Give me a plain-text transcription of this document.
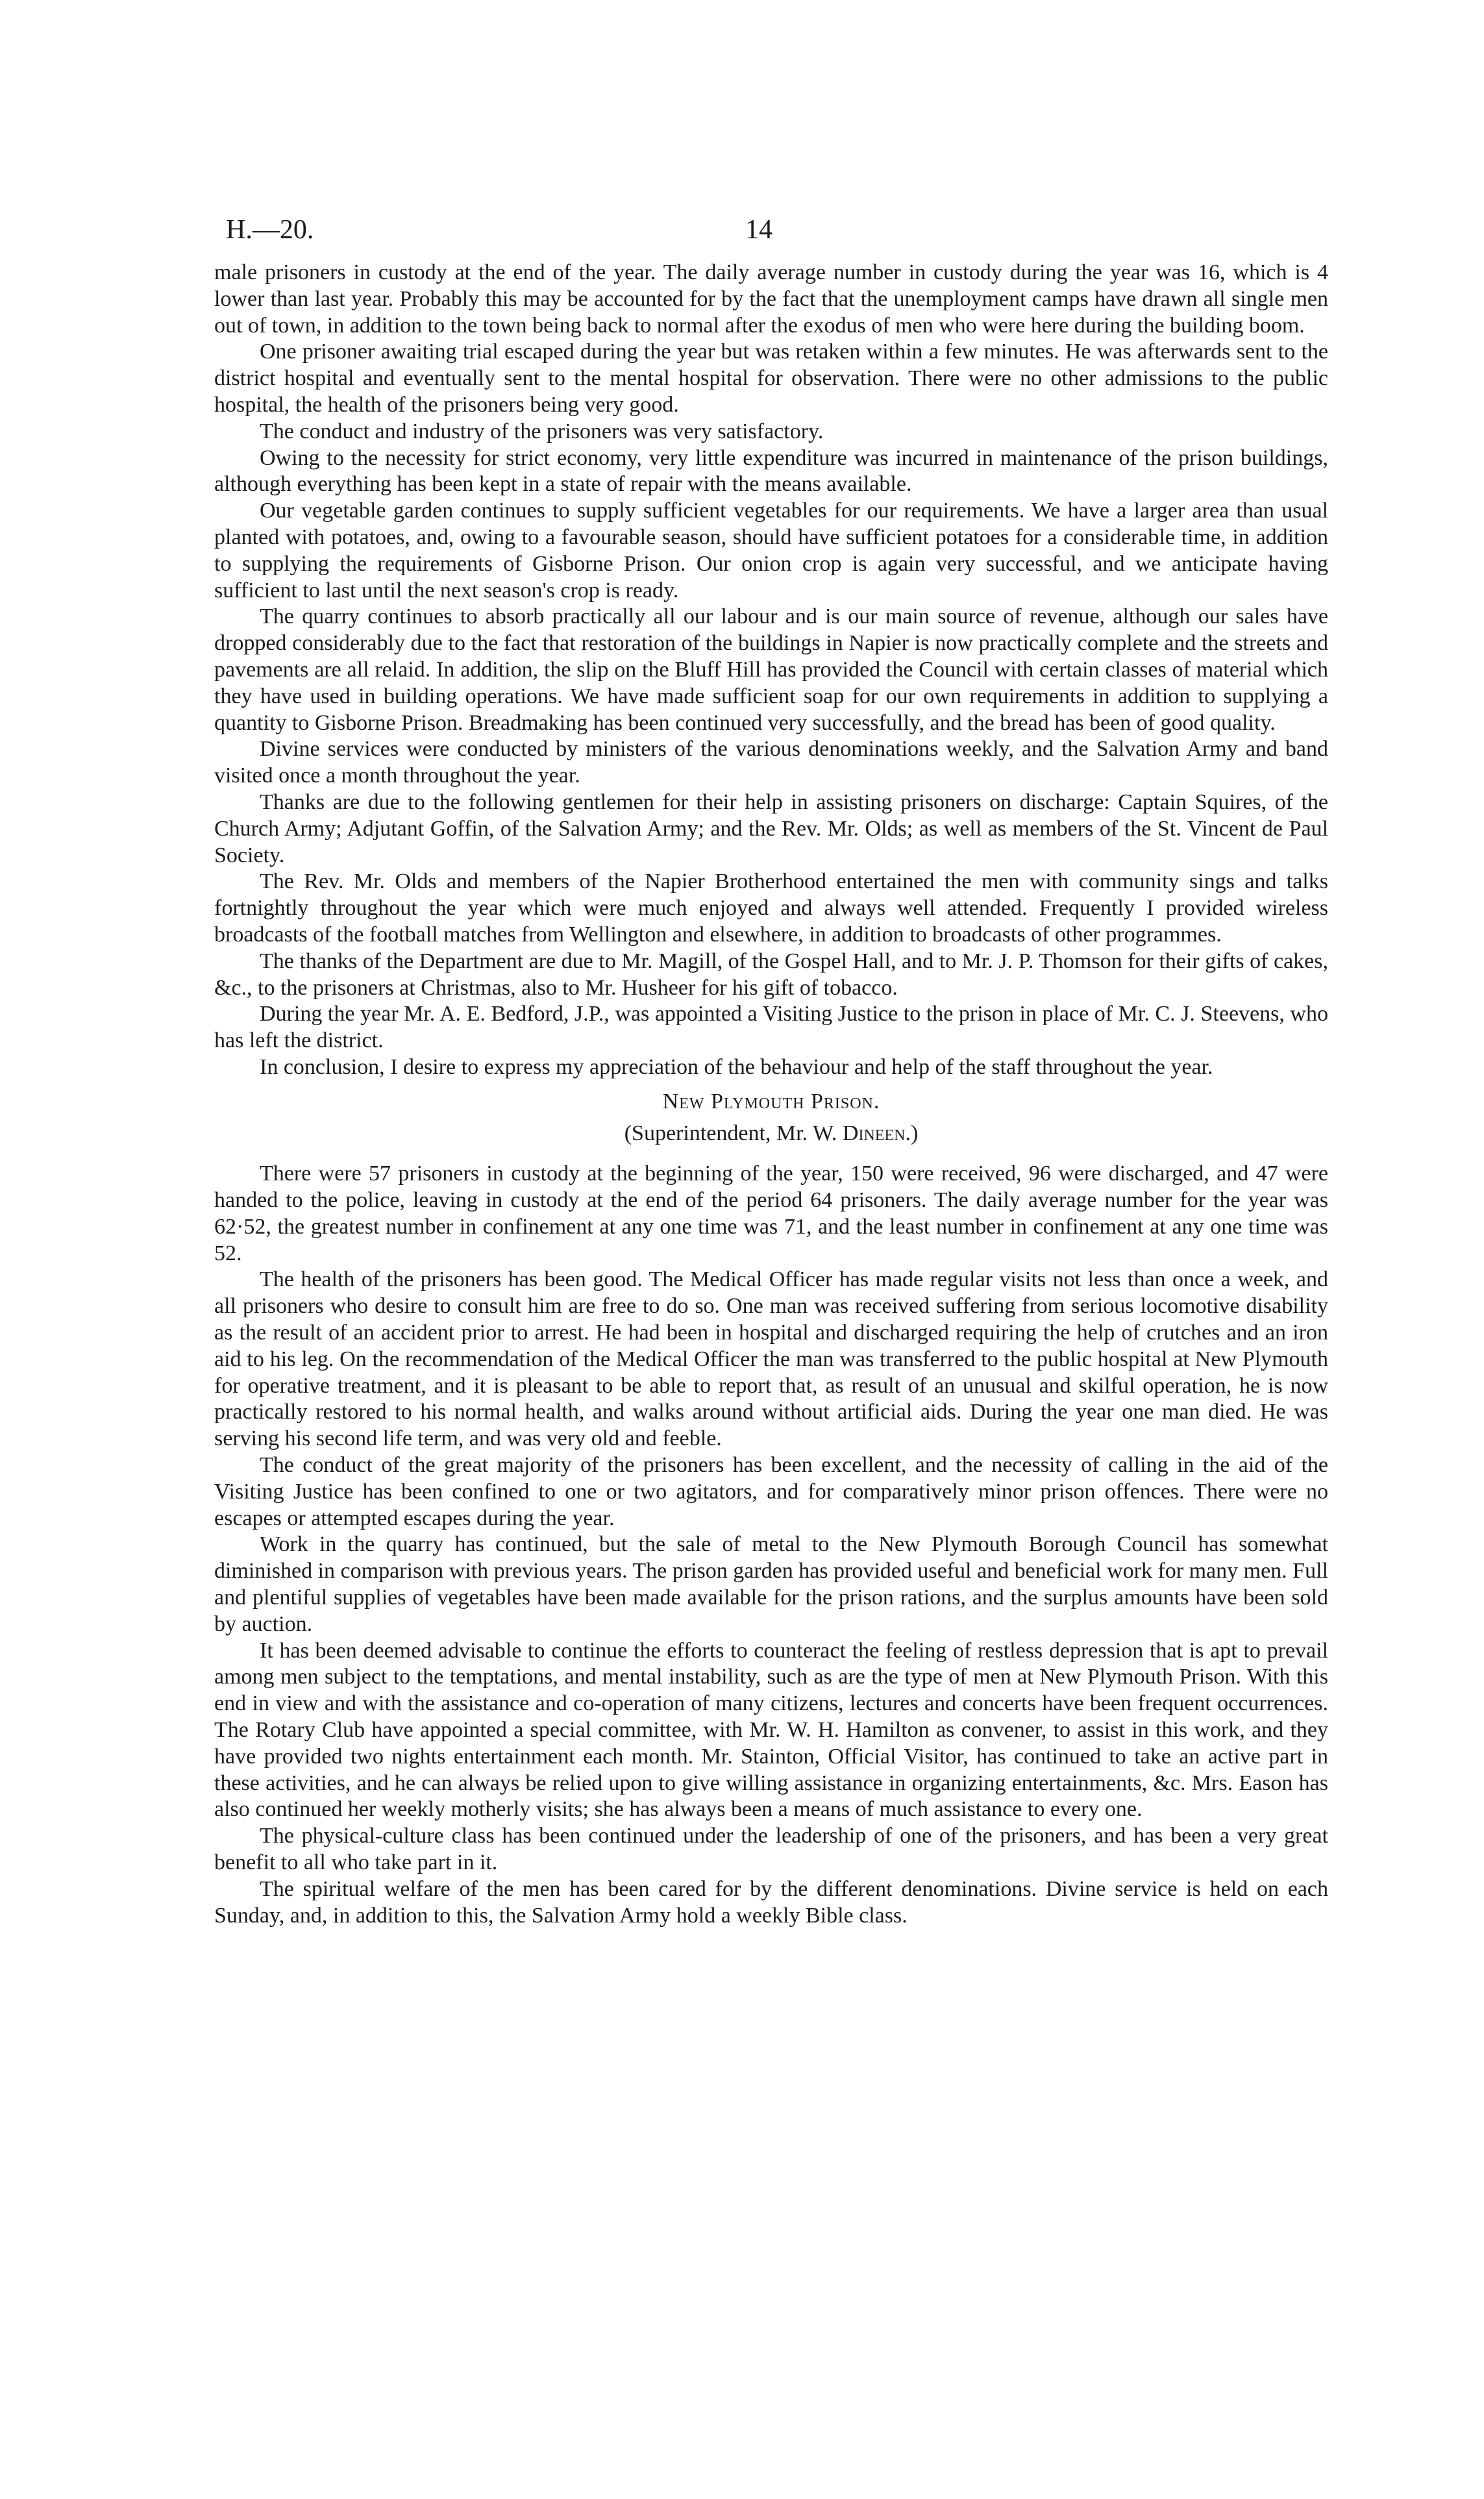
H.—20.	14

male prisoners in custody at the end of the year. The daily average number in custody during the year was 16, which is 4 lower than last year. Probably this may be accounted for by the fact that the unemployment camps have drawn all single men out of town, in addition to the town being back to normal after the exodus of men who were here during the building boom.

One prisoner awaiting trial escaped during the year but was retaken within a few minutes. He was afterwards sent to the district hospital and eventually sent to the mental hospital for observation. There were no other admissions to the public hospital, the health of the prisoners being very good.

The conduct and industry of the prisoners was very satisfactory.

Owing to the necessity for strict economy, very little expenditure was incurred in maintenance of the prison buildings, although everything has been kept in a state of repair with the means available.

Our vegetable garden continues to supply sufficient vegetables for our requirements. We have a larger area than usual planted with potatoes, and, owing to a favourable season, should have sufficient potatoes for a considerable time, in addition to supplying the requirements of Gisborne Prison. Our onion crop is again very successful, and we anticipate having sufficient to last until the next season's crop is ready.

The quarry continues to absorb practically all our labour and is our main source of revenue, although our sales have dropped considerably due to the fact that restoration of the buildings in Napier is now practically complete and the streets and pavements are all relaid. In addition, the slip on the Bluff Hill has provided the Council with certain classes of material which they have used in building operations. We have made sufficient soap for our own requirements in addition to supplying a quantity to Gisborne Prison. Breadmaking has been continued very successfully, and the bread has been of good quality.

Divine services were conducted by ministers of the various denominations weekly, and the Salvation Army and band visited once a month throughout the year.

Thanks are due to the following gentlemen for their help in assisting prisoners on discharge: Captain Squires, of the Church Army; Adjutant Goffin, of the Salvation Army; and the Rev. Mr. Olds; as well as members of the St. Vincent de Paul Society.

The Rev. Mr. Olds and members of the Napier Brotherhood entertained the men with community sings and talks fortnightly throughout the year which were much enjoyed and always well attended. Frequently I provided wireless broadcasts of the football matches from Wellington and elsewhere, in addition to broadcasts of other programmes.

The thanks of the Department are due to Mr. Magill, of the Gospel Hall, and to Mr. J. P. Thomson for their gifts of cakes, &c., to the prisoners at Christmas, also to Mr. Husheer for his gift of tobacco.

During the year Mr. A. E. Bedford, J.P., was appointed a Visiting Justice to the prison in place of Mr. C. J. Steevens, who has left the district.

In conclusion, I desire to express my appreciation of the behaviour and help of the staff throughout the year.

New Plymouth Prison.

(Superintendent, Mr. W. Dineen.)

There were 57 prisoners in custody at the beginning of the year, 150 were received, 96 were discharged, and 47 were handed to the police, leaving in custody at the end of the period 64 prisoners. The daily average number for the year was 62·52, the greatest number in confinement at any one time was 71, and the least number in confinement at any one time was 52.

The health of the prisoners has been good. The Medical Officer has made regular visits not less than once a week, and all prisoners who desire to consult him are free to do so. One man was received suffering from serious locomotive disability as the result of an accident prior to arrest. He had been in hospital and discharged requiring the help of crutches and an iron aid to his leg. On the recommendation of the Medical Officer the man was transferred to the public hospital at New Plymouth for operative treatment, and it is pleasant to be able to report that, as result of an unusual and skilful operation, he is now practically restored to his normal health, and walks around without artificial aids. During the year one man died. He was serving his second life term, and was very old and feeble.

The conduct of the great majority of the prisoners has been excellent, and the necessity of calling in the aid of the Visiting Justice has been confined to one or two agitators, and for comparatively minor prison offences. There were no escapes or attempted escapes during the year.

Work in the quarry has continued, but the sale of metal to the New Plymouth Borough Council has somewhat diminished in comparison with previous years. The prison garden has provided useful and beneficial work for many men. Full and plentiful supplies of vegetables have been made available for the prison rations, and the surplus amounts have been sold by auction.

It has been deemed advisable to continue the efforts to counteract the feeling of restless depression that is apt to prevail among men subject to the temptations, and mental instability, such as are the type of men at New Plymouth Prison. With this end in view and with the assistance and co-operation of many citizens, lectures and concerts have been frequent occurrences. The Rotary Club have appointed a special committee, with Mr. W. H. Hamilton as convener, to assist in this work, and they have provided two nights entertainment each month. Mr. Stainton, Official Visitor, has continued to take an active part in these activities, and he can always be relied upon to give willing assistance in organizing entertainments, &c. Mrs. Eason has also continued her weekly motherly visits; she has always been a means of much assistance to every one.

The physical-culture class has been continued under the leadership of one of the prisoners, and has been a very great benefit to all who take part in it.

The spiritual welfare of the men has been cared for by the different denominations. Divine service is held on each Sunday, and, in addition to this, the Salvation Army hold a weekly Bible class.
